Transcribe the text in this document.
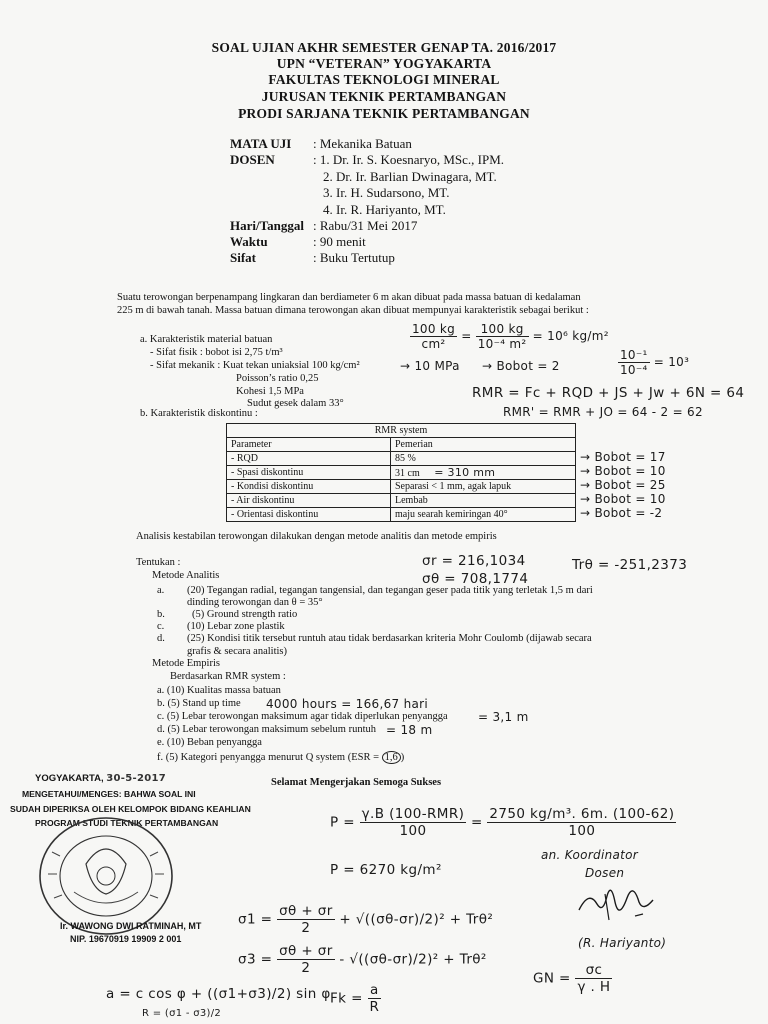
SOAL UJIAN AKHR SEMESTER GENAP TA. 2016/2017
UPN “VETERAN” YOGYAKARTA
FAKULTAS TEKNOLOGI MINERAL
JURUSAN TEKNIK PERTAMBANGAN
PRODI SARJANA TEKNIK PERTAMBANGAN
MATA UJI : Mekanika Batuan
DOSEN	: 1. Dr. Ir. S. Koesnaryo, MSc., IPM.
2. Dr. Ir. Barlian Dwinagara, MT.
3. Ir. H. Sudarsono, MT.
4. Ir. R. Hariyanto, MT.
Hari/Tanggal : Rabu/31 Mei 2017
Waktu	: 90 menit
Sifat	: Buku Tertutup
Suatu terowongan berpenampang lingkaran dan berdiameter 6 m akan dibuat pada massa batuan di kedalaman
225 m di bawah tanah. Massa batuan dimana terowongan akan dibuat mempunyai karakteristik sebagai berikut :
a. Karakteristik material batuan
- Sifat fisik : bobot isi 2,75 t/m³
- Sifat mekanik : Kuat tekan uniaksial 100 kg/cm²
Poisson’s ratio 0,25
Kohesi 1,5 MPa
Sudut gesek dalam 33°
b. Karakteristik diskontinu :
$\frac{100 kg}{\text{cm²}} = \frac{100 kg}{\text{10⁻⁴ m²}} = 10^6$ kg/m²
$\frac{\text{10⁻¹}}{\text{10⁻⁴}} = 10^3$
→ 10 MPa → Bobot = 2
RMR = Fc + RQD + JS + Jw + 6N = 64
RMR' = RMR + JO = 64 - 2 = 62
RMR system	
Parameter	Pemerian
- RQD	85 %
- Spasi diskontinu	31 cm = 310 mm
- Kondisi diskontinu	Separasi < 1 mm, agak lapuk
- Air diskontinu	Lembab
- Orientasi diskontinu	maju searah kemiringan 40°
→ Bobot = 17
→ Bobot = 10
→ Bobot = 25
→ Bobot = 10
→ Bobot = -2
Analisis kestabilan terowongan dilakukan dengan metode analitis dan metode empiris
Tentukan :
Metode Analitis
σr = 216,1034
σθ = 708,1774
Trθ = -251,2373
a. (20) Tegangan radial, tegangan tangensial, dan tegangan geser pada titik yang terletak 1,5 m dari
dinding terowongan dan θ = 35°
b.	(5) Ground strength ratio
c. (10) Lebar zone plastik
d. (25) Kondisi titik tersebut runtuh atau tidak berdasarkan kriteria Mohr Coulomb (dijawab secara
grafis & secara analitis)
Metode Empiris
Berdasarkan RMR system :
a. (10) Kualitas massa batuan
b. (5) Stand up time 4000 hours = 166,67 hari
c. (5) Lebar terowongan maksimum agar tidak diperlukan penyangga	= 3,1 m
d. (5) Lebar terowongan maksimum sebelum runtuh = 18 m
e. (10) Beban penyangga
f. (5) Kategori penyangga menurut Q system (ESR = 1,6 )
Selamat Mengerjakan Semoga Sukses
YOGYAKARTA, 30-5-2017
MENGETAHUI/MENGES: BAHWA SOAL INI
SUDAH DIPERIKSA OLEH KELOMPOK BIDANG KEAHLIAN
PROGRAM STUDI TEKNIK PERTAMBANGAN
Ir. WAWONG DWI RATMINAH, MT
NIP. 19670919 19909 2 001
$P = \frac{\text{γ.B (100-RMR)}}{100} = \frac{\text{2750 kg/m³. 6m. (100-62)}}{100}$
P = 6270 kg/m²
an. Koordinator
Dosen
(R. Hariyanto)
$\sigma 1 = \frac{\sigma\theta + \sigma r}{2} + √((\sigma\theta-\sigma r)/2)^2 + Tr\theta^2$
$\sigma 3 = \frac{\sigma\theta + \sigma r}{2} - √((\sigma\theta-\sigma r)/2)^2 + Tr\theta^2$
a = c cos φ + ((σ1+σ3)/2) sin φ
R = (σ1 - σ3)/2
$Fk = \frac{a}{R}$
GN = $\frac{\sigma c}{\gamma . H}$
